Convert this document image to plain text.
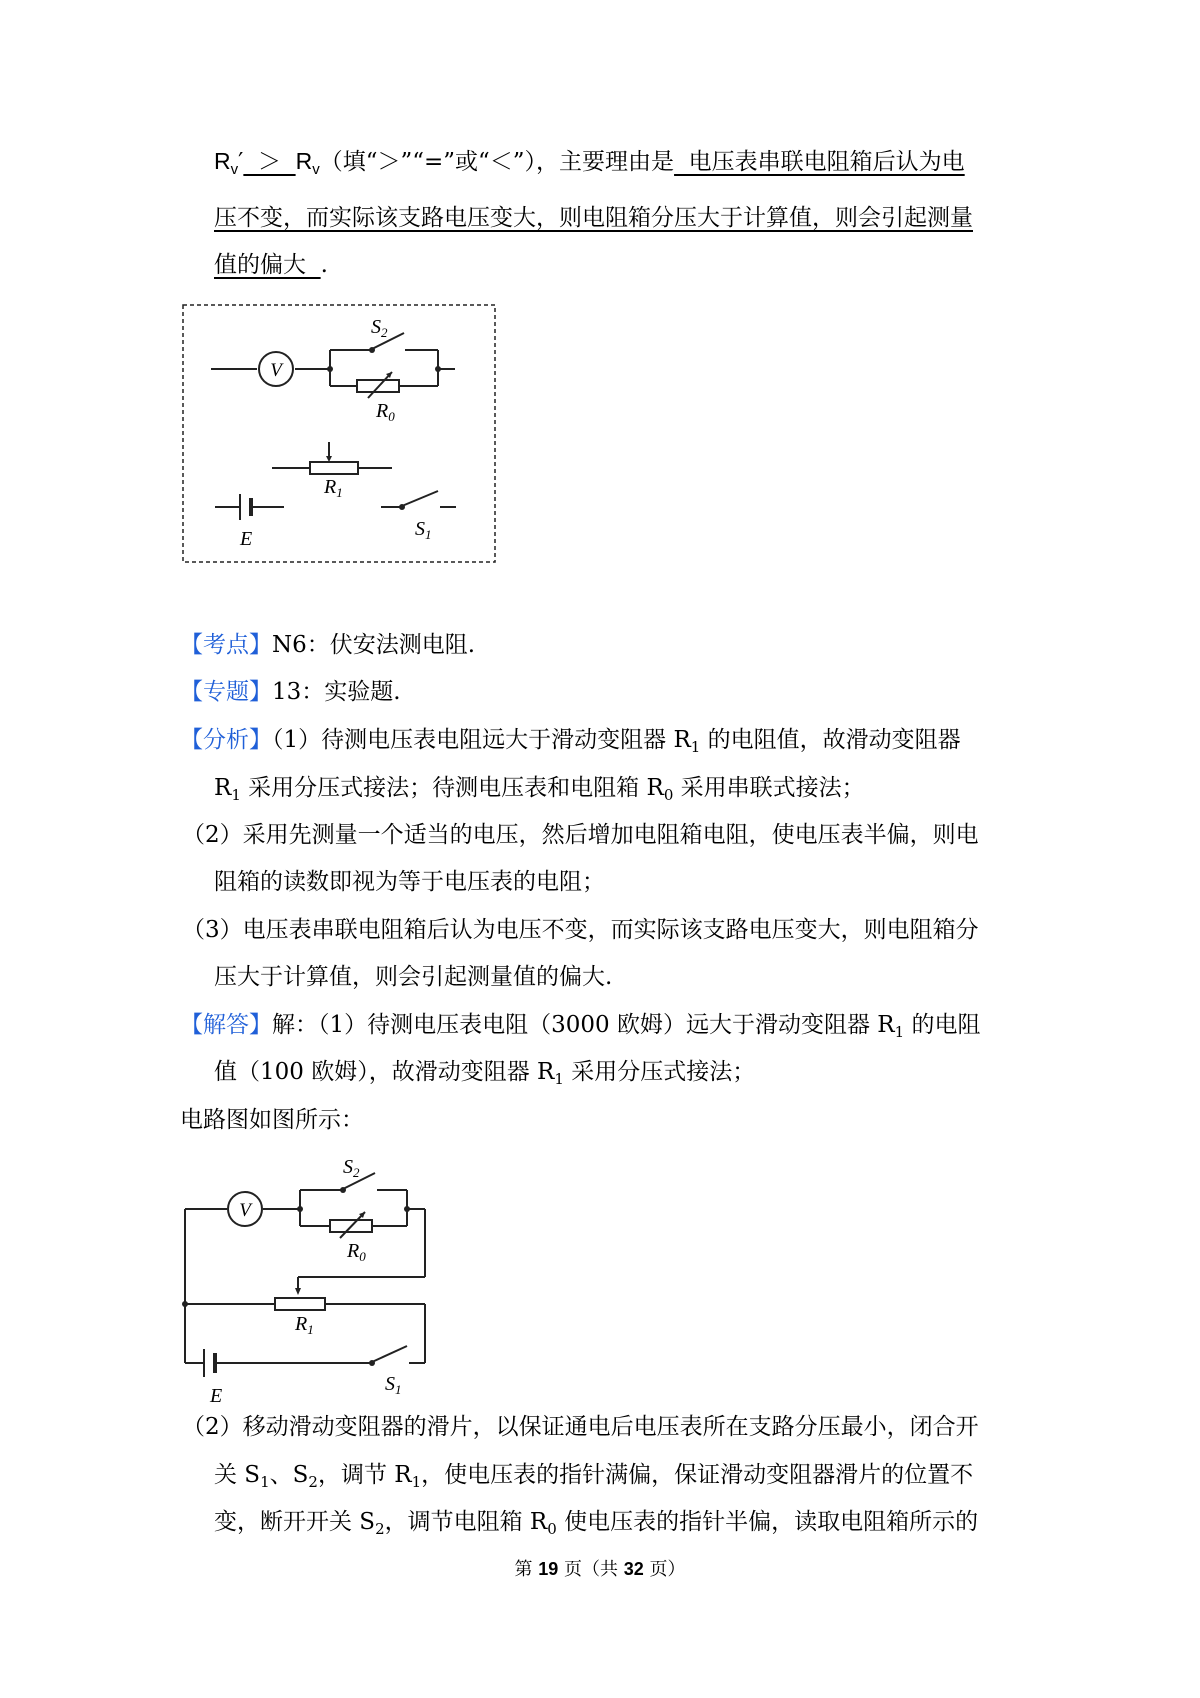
$R_v' > R_v$（填“＞”“=”或“＜”），主要理由是  电压表串联电阻箱后认为电
压不变，而实际该支路电压变大，则电阻箱分压大于计算值，则会引起测量
值的偏大  .
V
$S_2$
$R_0$
$R_1$
E	$S_1$
【考点】N6：伏安法测电阻.
【专题】13：实验题.
【分析】（1）待测电压表电阻远大于滑动变阻器 $R_1$ 的电阻值，故滑动变阻器
$R_1$ 采用分压式接法；待测电压表和电阻箱 $R_0$ 采用串联式接法；
（2）采用先测量一个适当的电压，然后增加电阻箱电阻，使电压表半偏，则电
阻箱的读数即视为等于电压表的电阻；
（3）电压表串联电阻箱后认为电压不变，而实际该支路电压变大，则电阻箱分
压大于计算值，则会引起测量值的偏大.
【解答】解：（1）待测电压表电阻（3000 欧姆）远大于滑动变阻器 $R_1$ 的电阻
值（100 欧姆），故滑动变阻器 $R_1$ 采用分压式接法；
电路图如图所示：
V
$S_2$
$R_0$
$R_1$
E
$S_1$
（2）移动滑动变阻器的滑片，以保证通电后电压表所在支路分压最小，闭合开
关 $S_1$、$S_2$，调节 $R_1$，使电压表的指针满偏，保证滑动变阻器滑片的位置不
变，断开开关 $S_2$，调节电阻箱 $R_0$ 使电压表的指针半偏，读取电阻箱所示的
第 19 页（共 32 页）
